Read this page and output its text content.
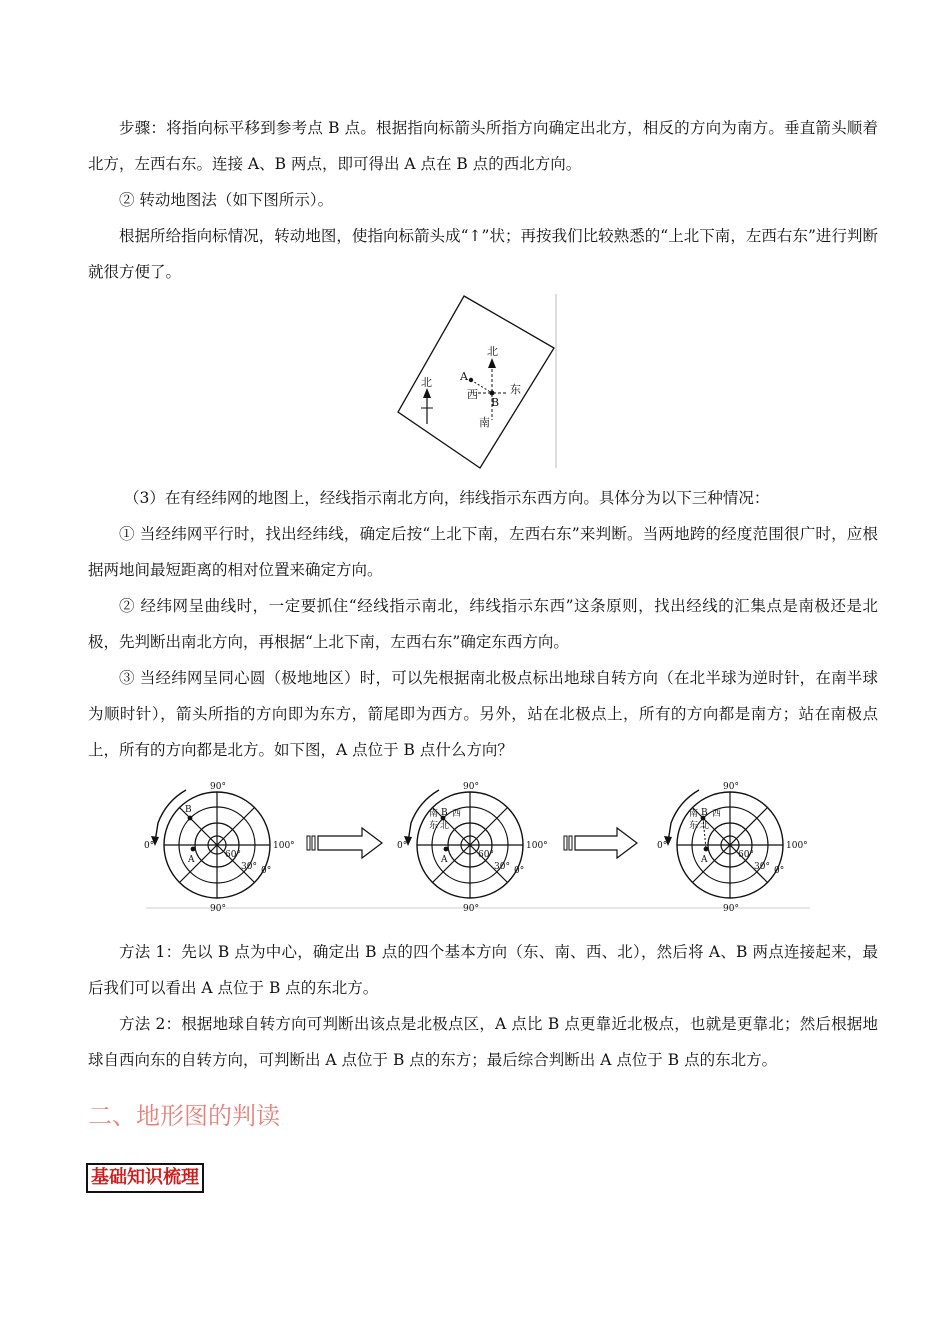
步骤：将指向标平移到参考点 B 点。根据指向标箭头所指方向确定出北方，相反的方向为南方。垂直箭头顺着北方，左西右东。连接 A、B 两点，即可得出 A 点在 B 点的西北方向。

② 转动地图法（如下图所示）。

根据所给指向标情况，转动地图，使指向标箭头成“↑”状；再按我们比较熟悉的“上北下南，左西右东”进行判断就很方便了。

北
北
A
西
B
东
南

（3）在有经纬网的地图上，经线指示南北方向，纬线指示东西方向。具体分为以下三种情况：

① 当经纬网平行时，找出经纬线，确定后按“上北下南，左西右东”来判断。当两地跨的经度范围很广时，应根据两地间最短距离的相对位置来确定方向。

② 经纬网呈曲线时，一定要抓住“经线指示南北，纬线指示东西”这条原则，找出经线的汇集点是南极还是北极，先判断出南北方向，再根据“上北下南，左西右东”确定东西方向。

③ 当经纬网呈同心圆（极地地区）时，可以先根据南北极点标出地球自转方向（在北半球为逆时针，在南半球为顺时针），箭头所指的方向即为东方，箭尾即为西方。另外，站在北极点上，所有的方向都是南方；站在南极点上，所有的方向都是北方。如下图，A 点位于 B 点什么方向？

B
A
90°
90°
0°	100°
60°
30° 0°
B
南 西
东 北
A
90°
90°
0°	100°
60°
30° 0°
B
南 西
东 北
A
90°
90°
0°	100°
60°
30° 0°

方法 1：先以 B 点为中心，确定出 B 点的四个基本方向（东、南、西、北），然后将 A、B 两点连接起来，最后我们可以看出 A 点位于 B 点的东北方。

方法 2：根据地球自转方向可判断出该点是北极点区，A 点比 B 点更靠近北极点，也就是更靠北；然后根据地球自西向东的自转方向，可判断出 A 点位于 B 点的东方；最后综合判断出 A 点位于 B 点的东北方。

二、地形图的判读
基础知识梳理
